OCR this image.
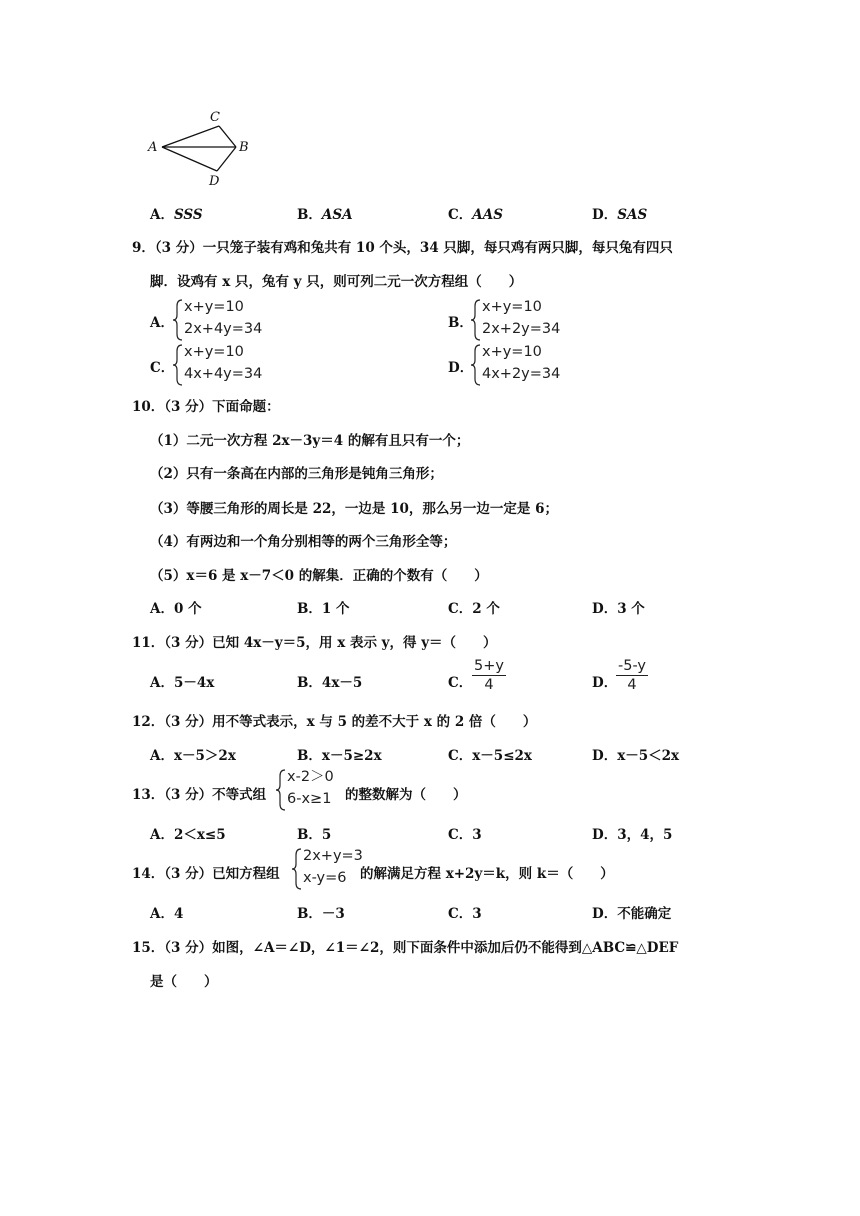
C
A	B
D
A．SSS	B．ASA	C．AAS	D．SAS
9．（3 分）一只笼子装有鸡和兔共有 10 个头，34 只脚，每只鸡有两只脚，每只兔有四只
脚．设鸡有 x 只，兔有 y 只，则可列二元一次方程组（　　）
A．
x+y=10
2x+4y=34	B．
x+y=10
2x+2y=34
C．
x+y=10
4x+4y=34	D．
x+y=10
4x+2y=34
10．（3 分）下面命题：
（1）二元一次方程 2x－3y＝4 的解有且只有一个；
（2）只有一条高在内部的三角形是钝角三角形；
（3）等腰三角形的周长是 22，一边是 10，那么另一边一定是 6；
（4）有两边和一个角分别相等的两个三角形全等；
（5）x＝6 是 x－7＜0 的解集．正确的个数有（　　）
A．0 个	B．1 个	C．2 个	D．3 个
11．（3 分）已知 4x－y＝5，用 x 表示 y，得 y＝（　　）
A．5－4x	B．4x－5	C．
5+y
4	D．
-5-y
4
12．（3 分）用不等式表示，x 与 5 的差不大于 x 的 2 倍（　　）
A．x－5＞2x	B．x－5≥2x	C．x－5≤2x	D．x－5＜2x
13．（3 分）不等式组
x-2＞0
6-x≥1 的整数解为（　　）
A．2＜x≤5	B．5	C．3	D．3，4，5
14．（3 分）已知方程组
2x+y=3
x-y=6 的解满足方程 x+2y＝k，则 k＝（　　）
A．4	B．－3	C．3	D．不能确定
15．（3 分）如图，∠A＝∠D，∠1＝∠2，则下面条件中添加后仍不能得到△ABC≌△DEF
是（　　）
